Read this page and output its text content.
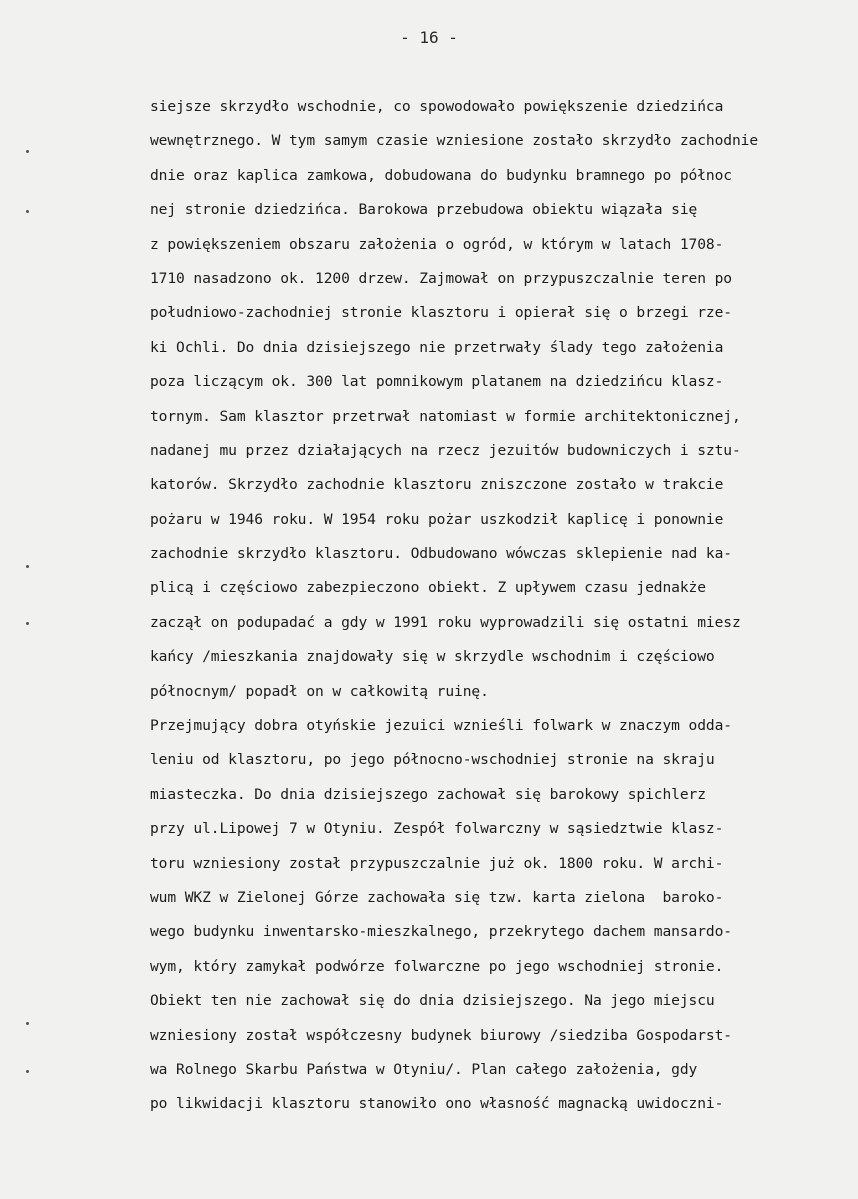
- 16 -
siejsze skrzydło wschodnie, co spowodowało powiększenie dziedzińca
wewnętrznego. W tym samym czasie wzniesione zostało skrzydło zachodnie
dnie oraz kaplica zamkowa, dobudowana do budynku bramnego po północ
nej stronie dziedzińca. Barokowa przebudowa obiektu wiązała się
z powiększeniem obszaru założenia o ogród, w którym w latach 1708-
1710 nasadzono ok. 1200 drzew. Zajmował on przypuszczalnie teren po
południowo-zachodniej stronie klasztoru i opierał się o brzegi rze-
ki Ochli. Do dnia dzisiejszego nie przetrwały ślady tego założenia
poza liczącym ok. 300 lat pomnikowym platanem na dziedzińcu klasz-
tornym. Sam klasztor przetrwał natomiast w formie architektonicznej,
nadanej mu przez działających na rzecz jezuitów budowniczych i sztu-
katorów. Skrzydło zachodnie klasztoru zniszczone zostało w trakcie
pożaru w 1946 roku. W 1954 roku pożar uszkodził kaplicę i ponownie
zachodnie skrzydło klasztoru. Odbudowano wówczas sklepienie nad ka-
plicą i częściowo zabezpieczono obiekt. Z upływem czasu jednakże
zaczął on podupadać a gdy w 1991 roku wyprowadzili się ostatni miesz
kańcy /mieszkania znajdowały się w skrzydle wschodnim i częściowo
północnym/ popadł on w całkowitą ruinę.
Przejmujący dobra otyńskie jezuici wznieśli folwark w znaczym odda-
leniu od klasztoru, po jego północno-wschodniej stronie na skraju
miasteczka. Do dnia dzisiejszego zachował się barokowy spichlerz
przy ul.Lipowej 7 w Otyniu. Zespół folwarczny w sąsiedztwie klasz-
toru wzniesiony został przypuszczalnie już ok. 1800 roku. W archi-
wum WKZ w Zielonej Górze zachowała się tzw. karta zielona  baroko-
wego budynku inwentarsko-mieszkalnego, przekrytego dachem mansardo-
wym, który zamykał podwórze folwarczne po jego wschodniej stronie.
Obiekt ten nie zachował się do dnia dzisiejszego. Na jego miejscu
wzniesiony został współczesny budynek biurowy /siedziba Gospodarst-
wa Rolnego Skarbu Państwa w Otyniu/. Plan całego założenia, gdy
po likwidacji klasztoru stanowiło ono własność magnacką uwidoczni-
